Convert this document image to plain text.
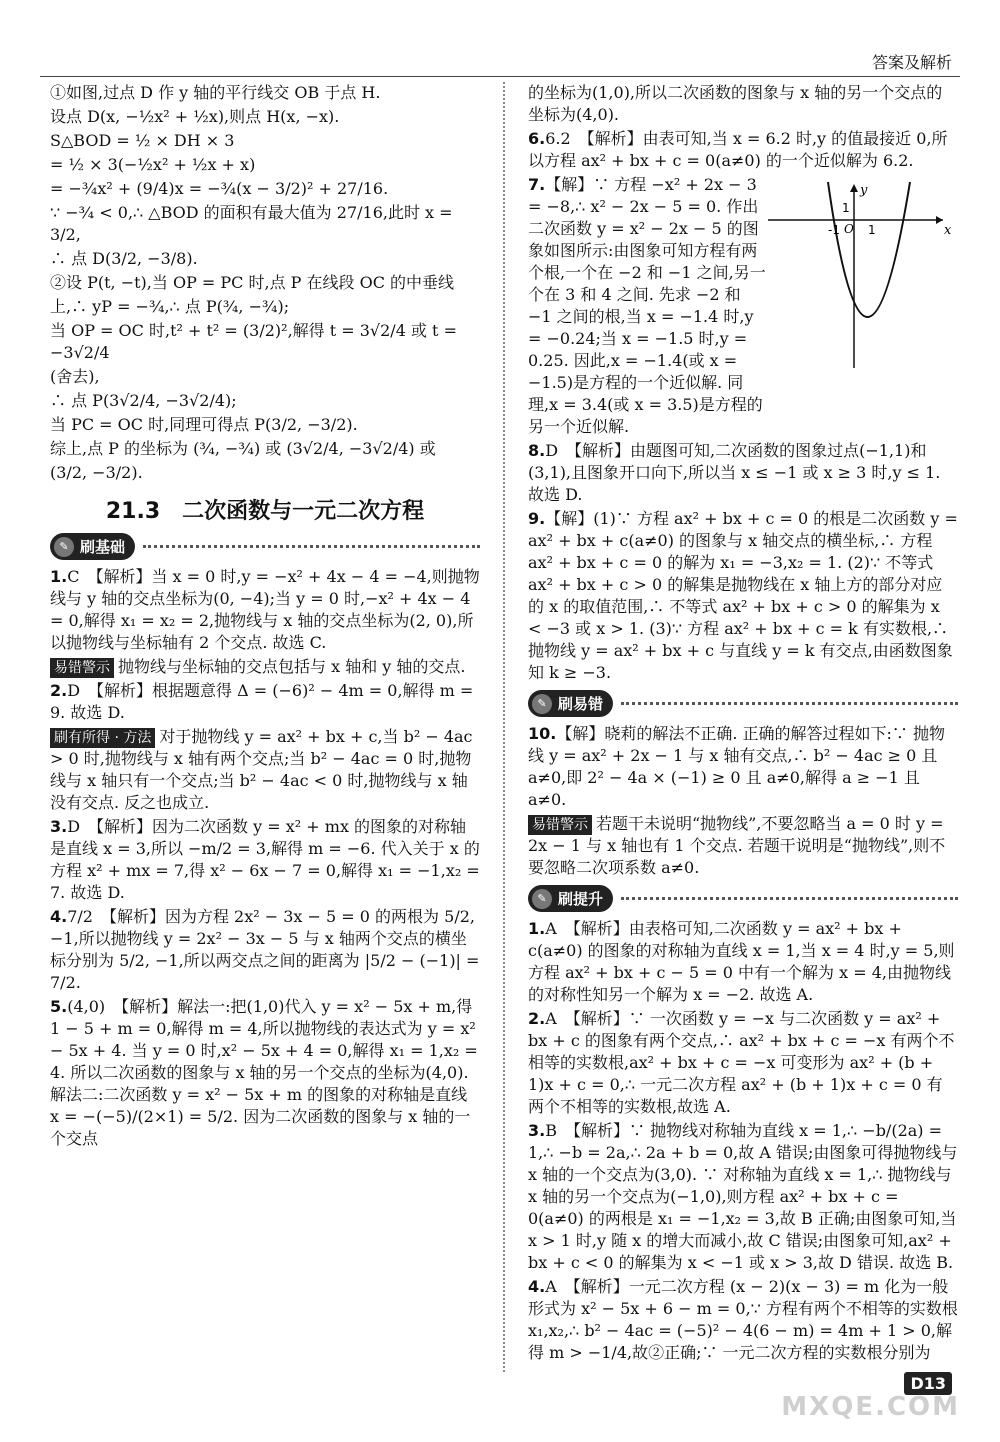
答案及解析
①如图,过点 D 作 y 轴的平行线交 OB 于点 H.
设点 D(x, −½x² + ½x),则点 H(x, −x).
S△BOD = ½ × DH × 3
= ½ × 3(−½x² + ½x + x)
= −¾x² + (9/4)x = −¾(x − 3/2)² + 27/16.
∵ −¾ < 0,∴ △BOD 的面积有最大值为 27/16,此时 x = 3/2,
∴ 点 D(3/2, −3/8).
②设 P(t, −t),当 OP = PC 时,点 P 在线段 OC 的中垂线
上,∴ yP = −¾,∴ 点 P(¾, −¾);
当 OP = OC 时,t² + t² = (3/2)²,解得 t = 3√2/4 或 t = −3√2/4
(舍去),
∴ 点 P(3√2/4, −3√2/4);
当 PC = OC 时,同理可得点 P(3/2, −3/2).
综上,点 P 的坐标为 (¾, −¾) 或 (3√2/4, −3√2/4) 或
(3/2, −3/2).
21.3　二次函数与一元二次方程
✎ 刷基础
1.C　【解析】当 x = 0 时,y = −x² + 4x − 4 = −4,则抛物线与 y 轴的交点坐标为(0, −4);当 y = 0 时,−x² + 4x − 4 = 0,解得 x₁ = x₂ = 2,抛物线与 x 轴的交点坐标为(2, 0),所以抛物线与坐标轴有 2 个交点. 故选 C.
易错警示 抛物线与坐标轴的交点包括与 x 轴和 y 轴的交点.
2.D　【解析】根据题意得 Δ = (−6)² − 4m = 0,解得 m = 9. 故选 D.
刷有所得 · 方法 对于抛物线 y = ax² + bx + c,当 b² − 4ac > 0 时,抛物线与 x 轴有两个交点;当 b² − 4ac = 0 时,抛物线与 x 轴只有一个交点;当 b² − 4ac < 0 时,抛物线与 x 轴没有交点. 反之也成立.
3.D　【解析】因为二次函数 y = x² + mx 的图象的对称轴是直线 x = 3,所以 −m/2 = 3,解得 m = −6. 代入关于 x 的方程 x² + mx = 7,得 x² − 6x − 7 = 0,解得 x₁ = −1,x₂ = 7. 故选 D.
4.7/2　【解析】因为方程 2x² − 3x − 5 = 0 的两根为 5/2, −1,所以抛物线 y = 2x² − 3x − 5 与 x 轴两个交点的横坐标分别为 5/2, −1,所以两交点之间的距离为 |5/2 − (−1)| = 7/2.
5.(4,0)　【解析】解法一:把(1,0)代入 y = x² − 5x + m,得 1 − 5 + m = 0,解得 m = 4,所以抛物线的表达式为 y = x² − 5x + 4. 当 y = 0 时,x² − 5x + 4 = 0,解得 x₁ = 1,x₂ = 4. 所以二次函数的图象与 x 轴的另一个交点的坐标为(4,0). 解法二:二次函数 y = x² − 5x + m 的图象的对称轴是直线 x = −(−5)/(2×1) = 5/2. 因为二次函数的图象与 x 轴的一个交点
的坐标为(1,0),所以二次函数的图象与 x 轴的另一个交点的坐标为(4,0).
6.6.2　【解析】由表可知,当 x = 6.2 时,y 的值最接近 0,所以方程 ax² + bx + c = 0(a≠0) 的一个近似解为 6.2.
7.【解】∵ 方程 −x² + 2x − 3 = −8,∴ x² − 2x − 5 = 0. 作出二次函数 y = x² − 2x − 5 的图象如图所示:由图象可知方程有两个根,一个在 −2 和 −1 之间,另一个在 3 和 4 之间. 先求 −2 和 −1 之间的根,当 x = −1.4 时,y = −0.24;当 x = −1.5 时,y = 0.25. 因此,x = −1.4(或 x = −1.5)是方程的一个近似解. 同理,x = 3.4(或 x = 3.5)是方程的另一个近似解.
8.D　【解析】由题图可知,二次函数的图象过点(−1,1)和(3,1),且图象开口向下,所以当 x ≤ −1 或 x ≥ 3 时,y ≤ 1. 故选 D.
9.【解】(1)∵ 方程 ax² + bx + c = 0 的根是二次函数 y = ax² + bx + c(a≠0) 的图象与 x 轴交点的横坐标,∴ 方程 ax² + bx + c = 0 的解为 x₁ = −3,x₂ = 1. (2)∵ 不等式 ax² + bx + c > 0 的解集是抛物线在 x 轴上方的部分对应的 x 的取值范围,∴ 不等式 ax² + bx + c > 0 的解集为 x < −3 或 x > 1. (3)∵ 方程 ax² + bx + c = k 有实数根,∴ 抛物线 y = ax² + bx + c 与直线 y = k 有交点,由函数图象知 k ≥ −3.
✎ 刷易错
10.【解】晓莉的解法不正确. 正确的解答过程如下:∵ 抛物线 y = ax² + 2x − 1 与 x 轴有交点,∴ b² − 4ac ≥ 0 且 a≠0,即 2² − 4a × (−1) ≥ 0 且 a≠0,解得 a ≥ −1 且 a≠0.
易错警示 若题干未说明“抛物线”,不要忽略当 a = 0 时 y = 2x − 1 与 x 轴也有 1 个交点. 若题干说明是“抛物线”,则不要忽略二次项系数 a≠0.
✎ 刷提升
1.A　【解析】由表格可知,二次函数 y = ax² + bx + c(a≠0) 的图象的对称轴为直线 x = 1,当 x = 4 时,y = 5,则方程 ax² + bx + c − 5 = 0 中有一个解为 x = 4,由抛物线的对称性知另一个解为 x = −2. 故选 A.
2.A　【解析】∵ 一次函数 y = −x 与二次函数 y = ax² + bx + c 的图象有两个交点,∴ ax² + bx + c = −x 有两个不相等的实数根,ax² + bx + c = −x 可变形为 ax² + (b + 1)x + c = 0,∴ 一元二次方程 ax² + (b + 1)x + c = 0 有两个不相等的实数根,故选 A.
3.B　【解析】∵ 抛物线对称轴为直线 x = 1,∴ −b/(2a) = 1,∴ −b = 2a,∴ 2a + b = 0,故 A 错误;由图象可得抛物线与 x 轴的一个交点为(3,0). ∵ 对称轴为直线 x = 1,∴ 抛物线与 x 轴的另一个交点为(−1,0),则方程 ax² + bx + c = 0(a≠0) 的两根是 x₁ = −1,x₂ = 3,故 B 正确;由图象可知,当 x > 1 时,y 随 x 的增大而减小,故 C 错误;由图象可知,ax² + bx + c < 0 的解集为 x < −1 或 x > 3,故 D 错误. 故选 B.
4.A　【解析】一元二次方程 (x − 2)(x − 3) = m 化为一般形式为 x² − 5x + 6 − m = 0,∵ 方程有两个不相等的实数根 x₁,x₂,∴ b² − 4ac = (−5)² − 4(6 − m) = 4m + 1 > 0,解得 m > −1/4,故②正确;∵ 一元二次方程的实数根分别为
x
y
1
1
-1 O
D13
MXQE.COM
